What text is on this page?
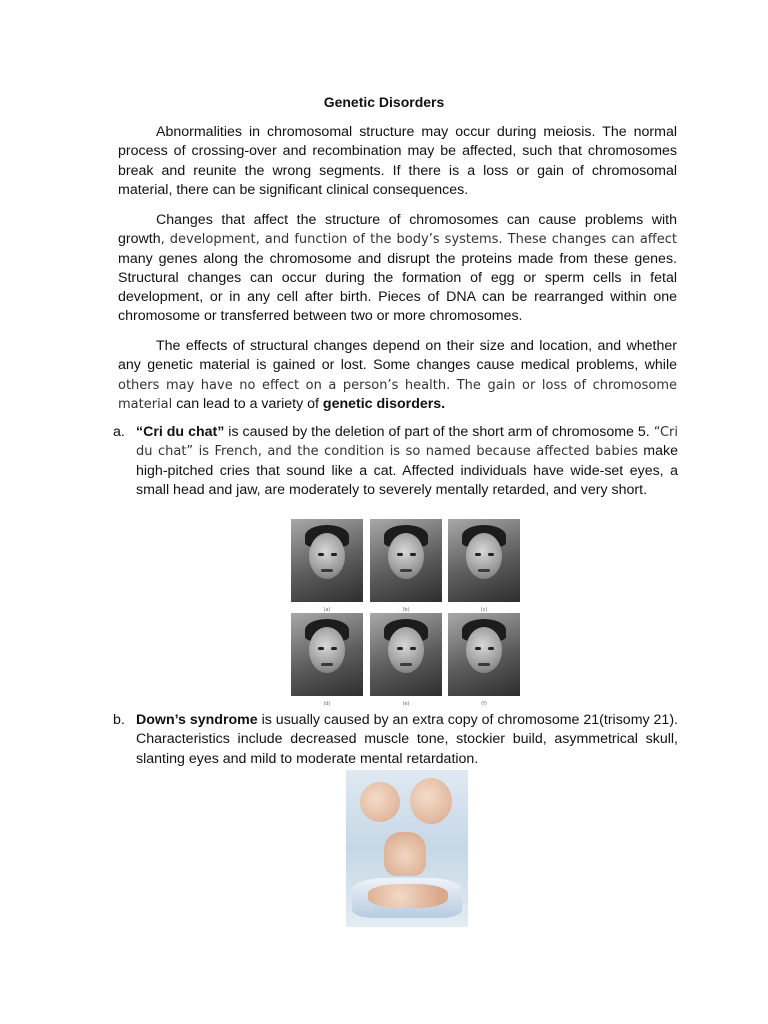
Genetic Disorders

Abnormalities in chromosomal structure may occur during meiosis. The normal process of crossing-over and recombination may be affected, such that chromosomes break and reunite the wrong segments. If there is a loss or gain of chromosomal material, there can be significant clinical consequences.

Changes that affect the structure of chromosomes can cause problems with growth, development, and function of the body’s systems. These changes can affect many genes along the chromosome and disrupt the proteins made from these genes. Structural changes can occur during the formation of egg or sperm cells in fetal development, or in any cell after birth. Pieces of DNA can be rearranged within one chromosome or transferred between two or more chromosomes.

The effects of structural changes depend on their size and location, and whether any genetic material is gained or lost. Some changes cause medical problems, while others may have no effect on a person’s health. The gain or loss of chromosome material can lead to a variety of genetic disorders.

a. “Cri du chat” is caused by the deletion of part of the short arm of chromosome 5. “Cri du chat” is French, and the condition is so named because affected babies make high-pitched cries that sound like a cat. Affected individuals have wide-set eyes, a small head and jaw, are moderately to severely mentally retarded, and very short.
(a)	(b)	(c)
(d)	(e)	(f)
b. Down’s syndrome is usually caused by an extra copy of chromosome 21(trisomy 21). Characteristics include decreased muscle tone, stockier build, asymmetrical skull, slanting eyes and mild to moderate mental retardation.
